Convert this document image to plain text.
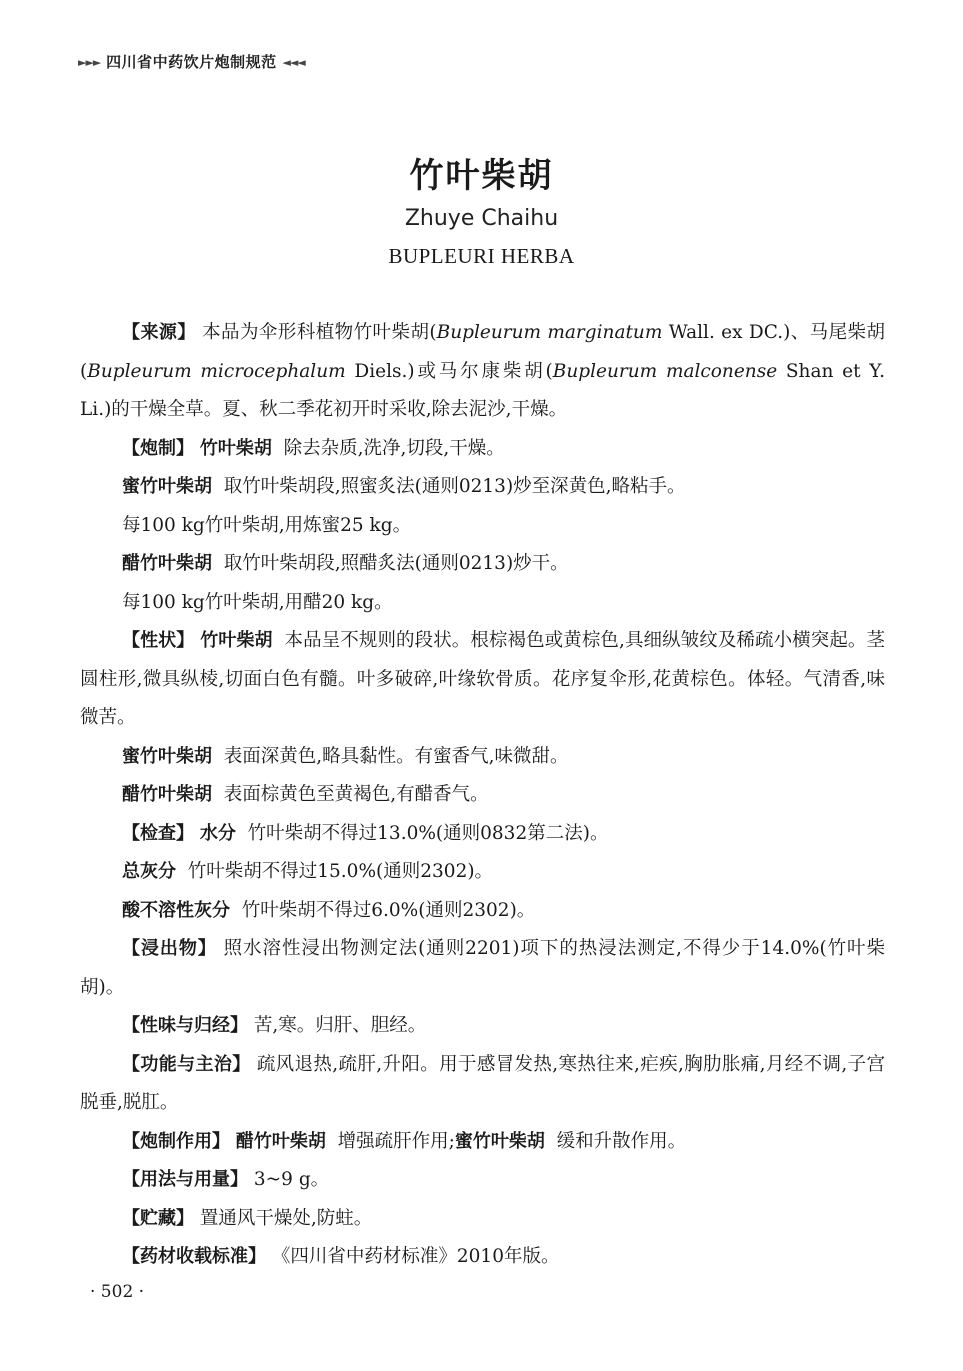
►►► 四川省中药饮片炮制规范 ◄◄◄
竹叶柴胡
Zhuye Chaihu
BUPLEURI HERBA

【来源】 本品为伞形科植物竹叶柴胡(Bupleurum marginatum Wall. ex DC.)、马尾柴胡(Bupleurum microcephalum Diels.)或马尔康柴胡(Bupleurum malconense Shan et Y. Li.)的干燥全草。夏、秋二季花初开时采收,除去泥沙,干燥。

【炮制】 竹叶柴胡 除去杂质,洗净,切段,干燥。

蜜竹叶柴胡 取竹叶柴胡段,照蜜炙法(通则0213)炒至深黄色,略粘手。

每100 kg竹叶柴胡,用炼蜜25 kg。

醋竹叶柴胡 取竹叶柴胡段,照醋炙法(通则0213)炒干。

每100 kg竹叶柴胡,用醋20 kg。

【性状】 竹叶柴胡 本品呈不规则的段状。根棕褐色或黄棕色,具细纵皱纹及稀疏小横突起。茎圆柱形,微具纵棱,切面白色有髓。叶多破碎,叶缘软骨质。花序复伞形,花黄棕色。体轻。气清香,味微苦。

蜜竹叶柴胡 表面深黄色,略具黏性。有蜜香气,味微甜。

醋竹叶柴胡 表面棕黄色至黄褐色,有醋香气。

【检查】 水分 竹叶柴胡不得过13.0%(通则0832第二法)。

总灰分 竹叶柴胡不得过15.0%(通则2302)。

酸不溶性灰分 竹叶柴胡不得过6.0%(通则2302)。

【浸出物】 照水溶性浸出物测定法(通则2201)项下的热浸法测定,不得少于14.0%(竹叶柴胡)。

【性味与归经】 苦,寒。归肝、胆经。

【功能与主治】 疏风退热,疏肝,升阳。用于感冒发热,寒热往来,疟疾,胸肋胀痛,月经不调,子宫脱垂,脱肛。

【炮制作用】 醋竹叶柴胡 增强疏肝作用;蜜竹叶柴胡 缓和升散作用。

【用法与用量】 3~9 g。

【贮藏】 置通风干燥处,防蛀。

【药材收载标准】 《四川省中药材标准》2010年版。

· 502 ·
